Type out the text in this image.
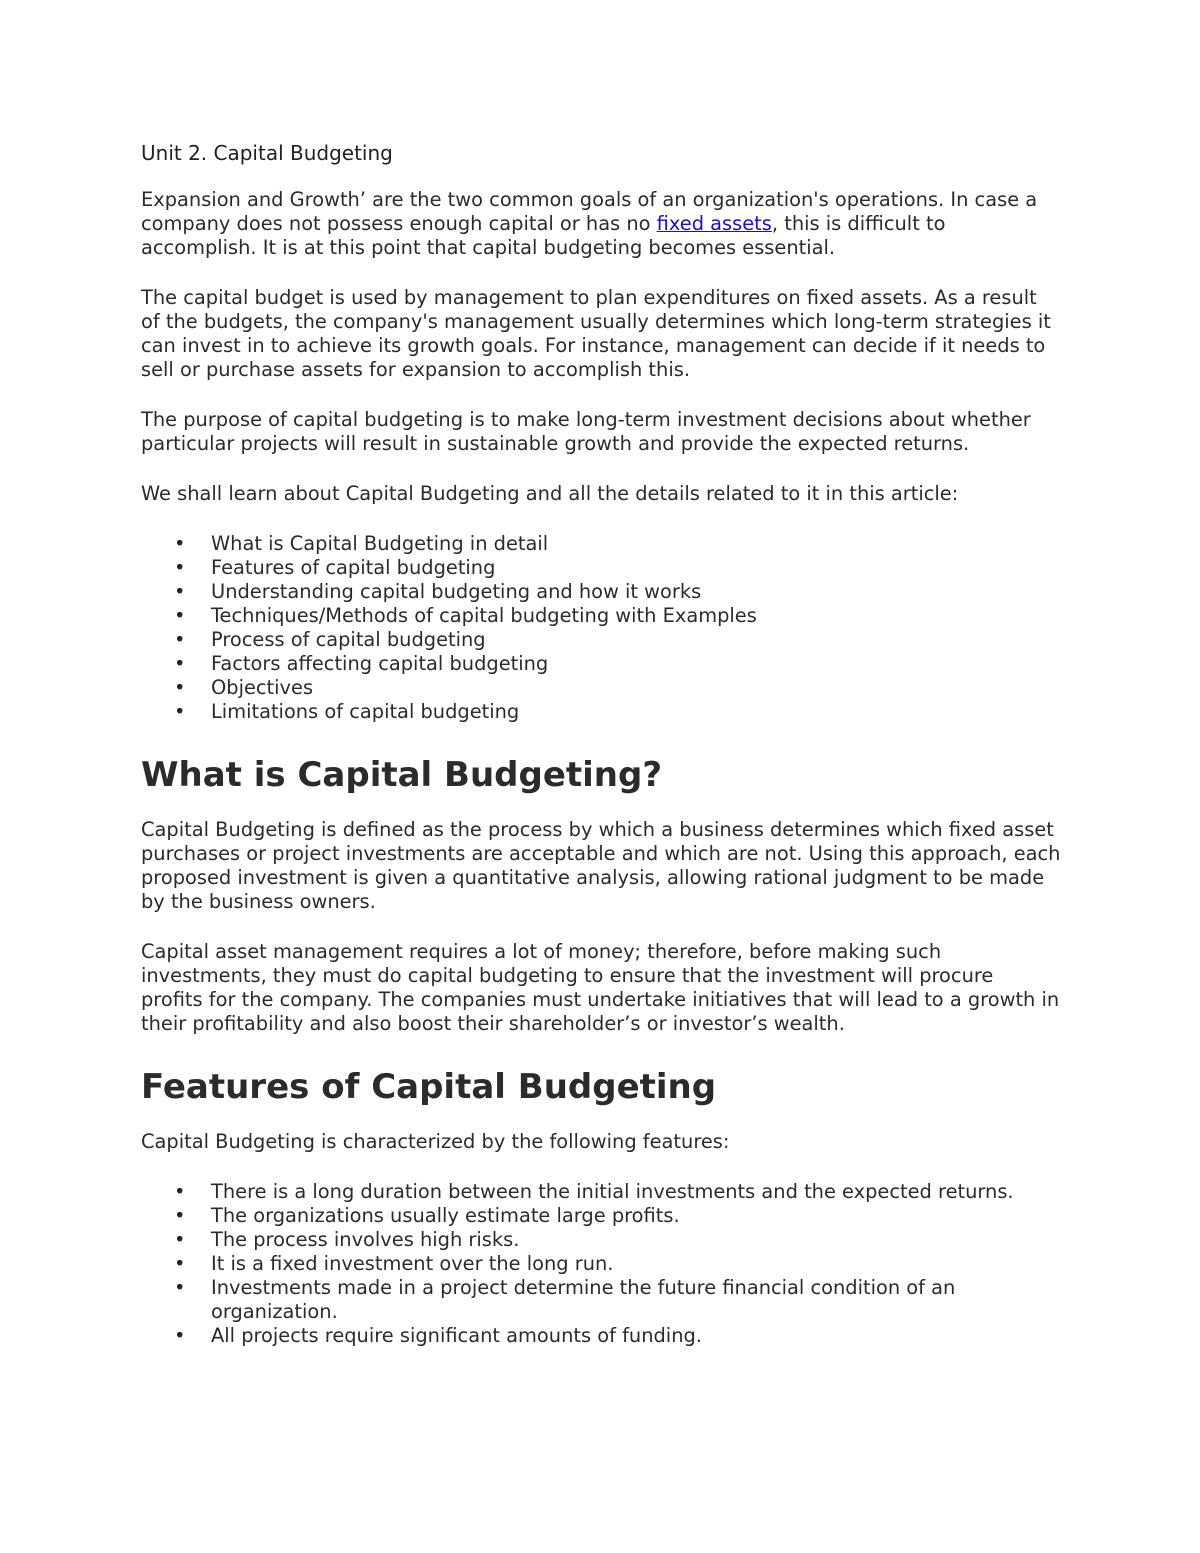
Unit 2. Capital Budgeting

Expansion and Growth’ are the two common goals of an organization's operations. In case a company does not possess enough capital or has no fixed assets, this is difficult to accomplish. It is at this point that capital budgeting becomes essential.

The capital budget is used by management to plan expenditures on fixed assets. As a result of the budgets, the company's management usually determines which long-term strategies it can invest in to achieve its growth goals. For instance, management can decide if it needs to sell or purchase assets for expansion to accomplish this.

The purpose of capital budgeting is to make long-term investment decisions about whether particular projects will result in sustainable growth and provide the expected returns.

We shall learn about Capital Budgeting and all the details related to it in this article:

• What is Capital Budgeting in detail
• Features of capital budgeting
• Understanding capital budgeting and how it works
• Techniques/Methods of capital budgeting with Examples
• Process of capital budgeting
• Factors affecting capital budgeting
• Objectives
• Limitations of capital budgeting
What is Capital Budgeting?

Capital Budgeting is defined as the process by which a business determines which fixed asset purchases or project investments are acceptable and which are not. Using this approach, each proposed investment is given a quantitative analysis, allowing rational judgment to be made by the business owners.

Capital asset management requires a lot of money; therefore, before making such investments, they must do capital budgeting to ensure that the investment will procure profits for the company. The companies must undertake initiatives that will lead to a growth in their profitability and also boost their shareholder’s or investor’s wealth.

Features of Capital Budgeting

Capital Budgeting is characterized by the following features:

• There is a long duration between the initial investments and the expected returns.
• The organizations usually estimate large profits.
• The process involves high risks.
• It is a fixed investment over the long run.
• Investments made in a project determine the future financial condition of an organization.
• All projects require significant amounts of funding.
